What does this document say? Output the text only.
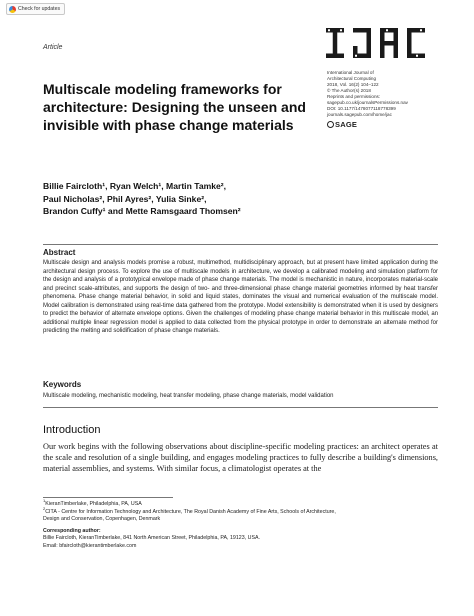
Check for updates
Article
International Journal of
Architectural Computing
2018, Vol. 16(2) 104–122
© The Author(s) 2018
Reprints and permissions:
sagepub.co.uk/journalsPermissions.nav
DOI: 10.1177/1478077118778399
journals.sagepub.com/home/jac
SAGE
Multiscale modeling frameworks for architecture: Designing the unseen and invisible with phase change materials
Billie Faircloth¹, Ryan Welch¹, Martin Tamke²,
Paul Nicholas², Phil Ayres², Yulia Sinke²,
Brandon Cuffy¹ and Mette Ramsgaard Thomsen²
Abstract

Multiscale design and analysis models promise a robust, multimethod, multidisciplinary approach, but at present have limited application during the architectural design process. To explore the use of multiscale models in architecture, we develop a calibrated modeling and simulation platform for the design and analysis of a prototypical envelope made of phase change materials. The model is mechanistic in nature, incorporates material-scale and precinct scale-attributes, and supports the design of two- and three-dimensional phase change material geometries informed by heat transfer phenomena. Phase change material behavior, in solid and liquid states, dominates the visual and numerical evaluation of the multiscale model. Model calibration is demonstrated using real-time data gathered from the prototype. Model extensibility is demonstrated when it is used by designers to predict the behavior of alternate envelope options. Given the challenges of modeling phase change material behavior in this multiscale model, an additional multiple linear regression model is applied to data collected from the physical prototype in order to demonstrate an alternate method for predicting the melting and solidification of phase change materials.

Keywords
Multiscale modeling, mechanistic modeling, heat transfer modeling, phase change materials, model validation
Introduction

Our work begins with the following observations about discipline-specific modeling practices: an architect operates at the scale and resolution of a single building, and engages modeling practices to fully describe a building's dimensions, material assemblies, and systems. With similar focus, a climatologist operates at the

$^1$KieranTimberlake, Philadelphia, PA, USA
$^2$CITA - Centre for Information Technology and Architecture, The Royal Danish Academy of Fine Arts, Schools of Architecture,
Design and Conservation, Copenhagen, Denmark
Corresponding author:
Billie Faircloth, KieranTimberlake, 841 North American Street, Philadelphia, PA, 19123, USA.
Email: bfaircloth@kierantimberlake.com
